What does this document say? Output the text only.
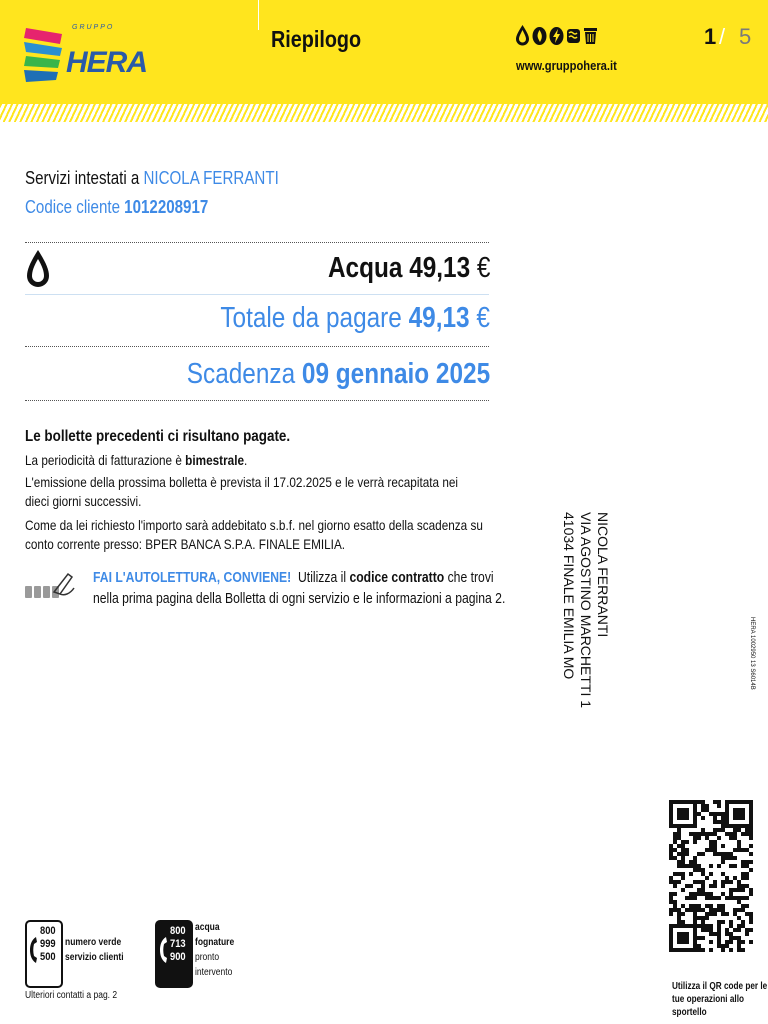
GRUPPO
HERA
Riepilogo
www.gruppohera.it
1 / 5
Servizi intestati a NICOLA FERRANTI
Codice cliente 1012208917
Acqua 49,13 €
Totale da pagare 49,13 €
Scadenza 09 gennaio 2025
Le bollette precedenti ci risultano pagate.
La periodicità di fatturazione è bimestrale.
L'emissione della prossima bolletta è prevista il 17.02.2025 e le verrà recapitata nei dieci giorni successivi.
Come da lei richiesto l'importo sarà addebitato s.b.f. nel giorno esatto della scadenza su conto corrente presso: BPER BANCA S.P.A. FINALE EMILIA.
FAI L'AUTOLETTURA, CONVIENE! Utilizza il codice contratto che trovi nella prima pagina della Bolletta di ogni servizio e le informazioni a pagina 2.	NICOLA FERRANTI
VIA AGOSTINO MARCHETTI 1
41034 FINALE EMILIA MO	HERA 1002950 13 S6014B
Utilizza il QR code per le tue operazioni allo sportello
800 999 500
numero verde
servizio clienti
800 713 900
acqua
fognature
pronto
intervento
Ulteriori contatti a pag. 2
